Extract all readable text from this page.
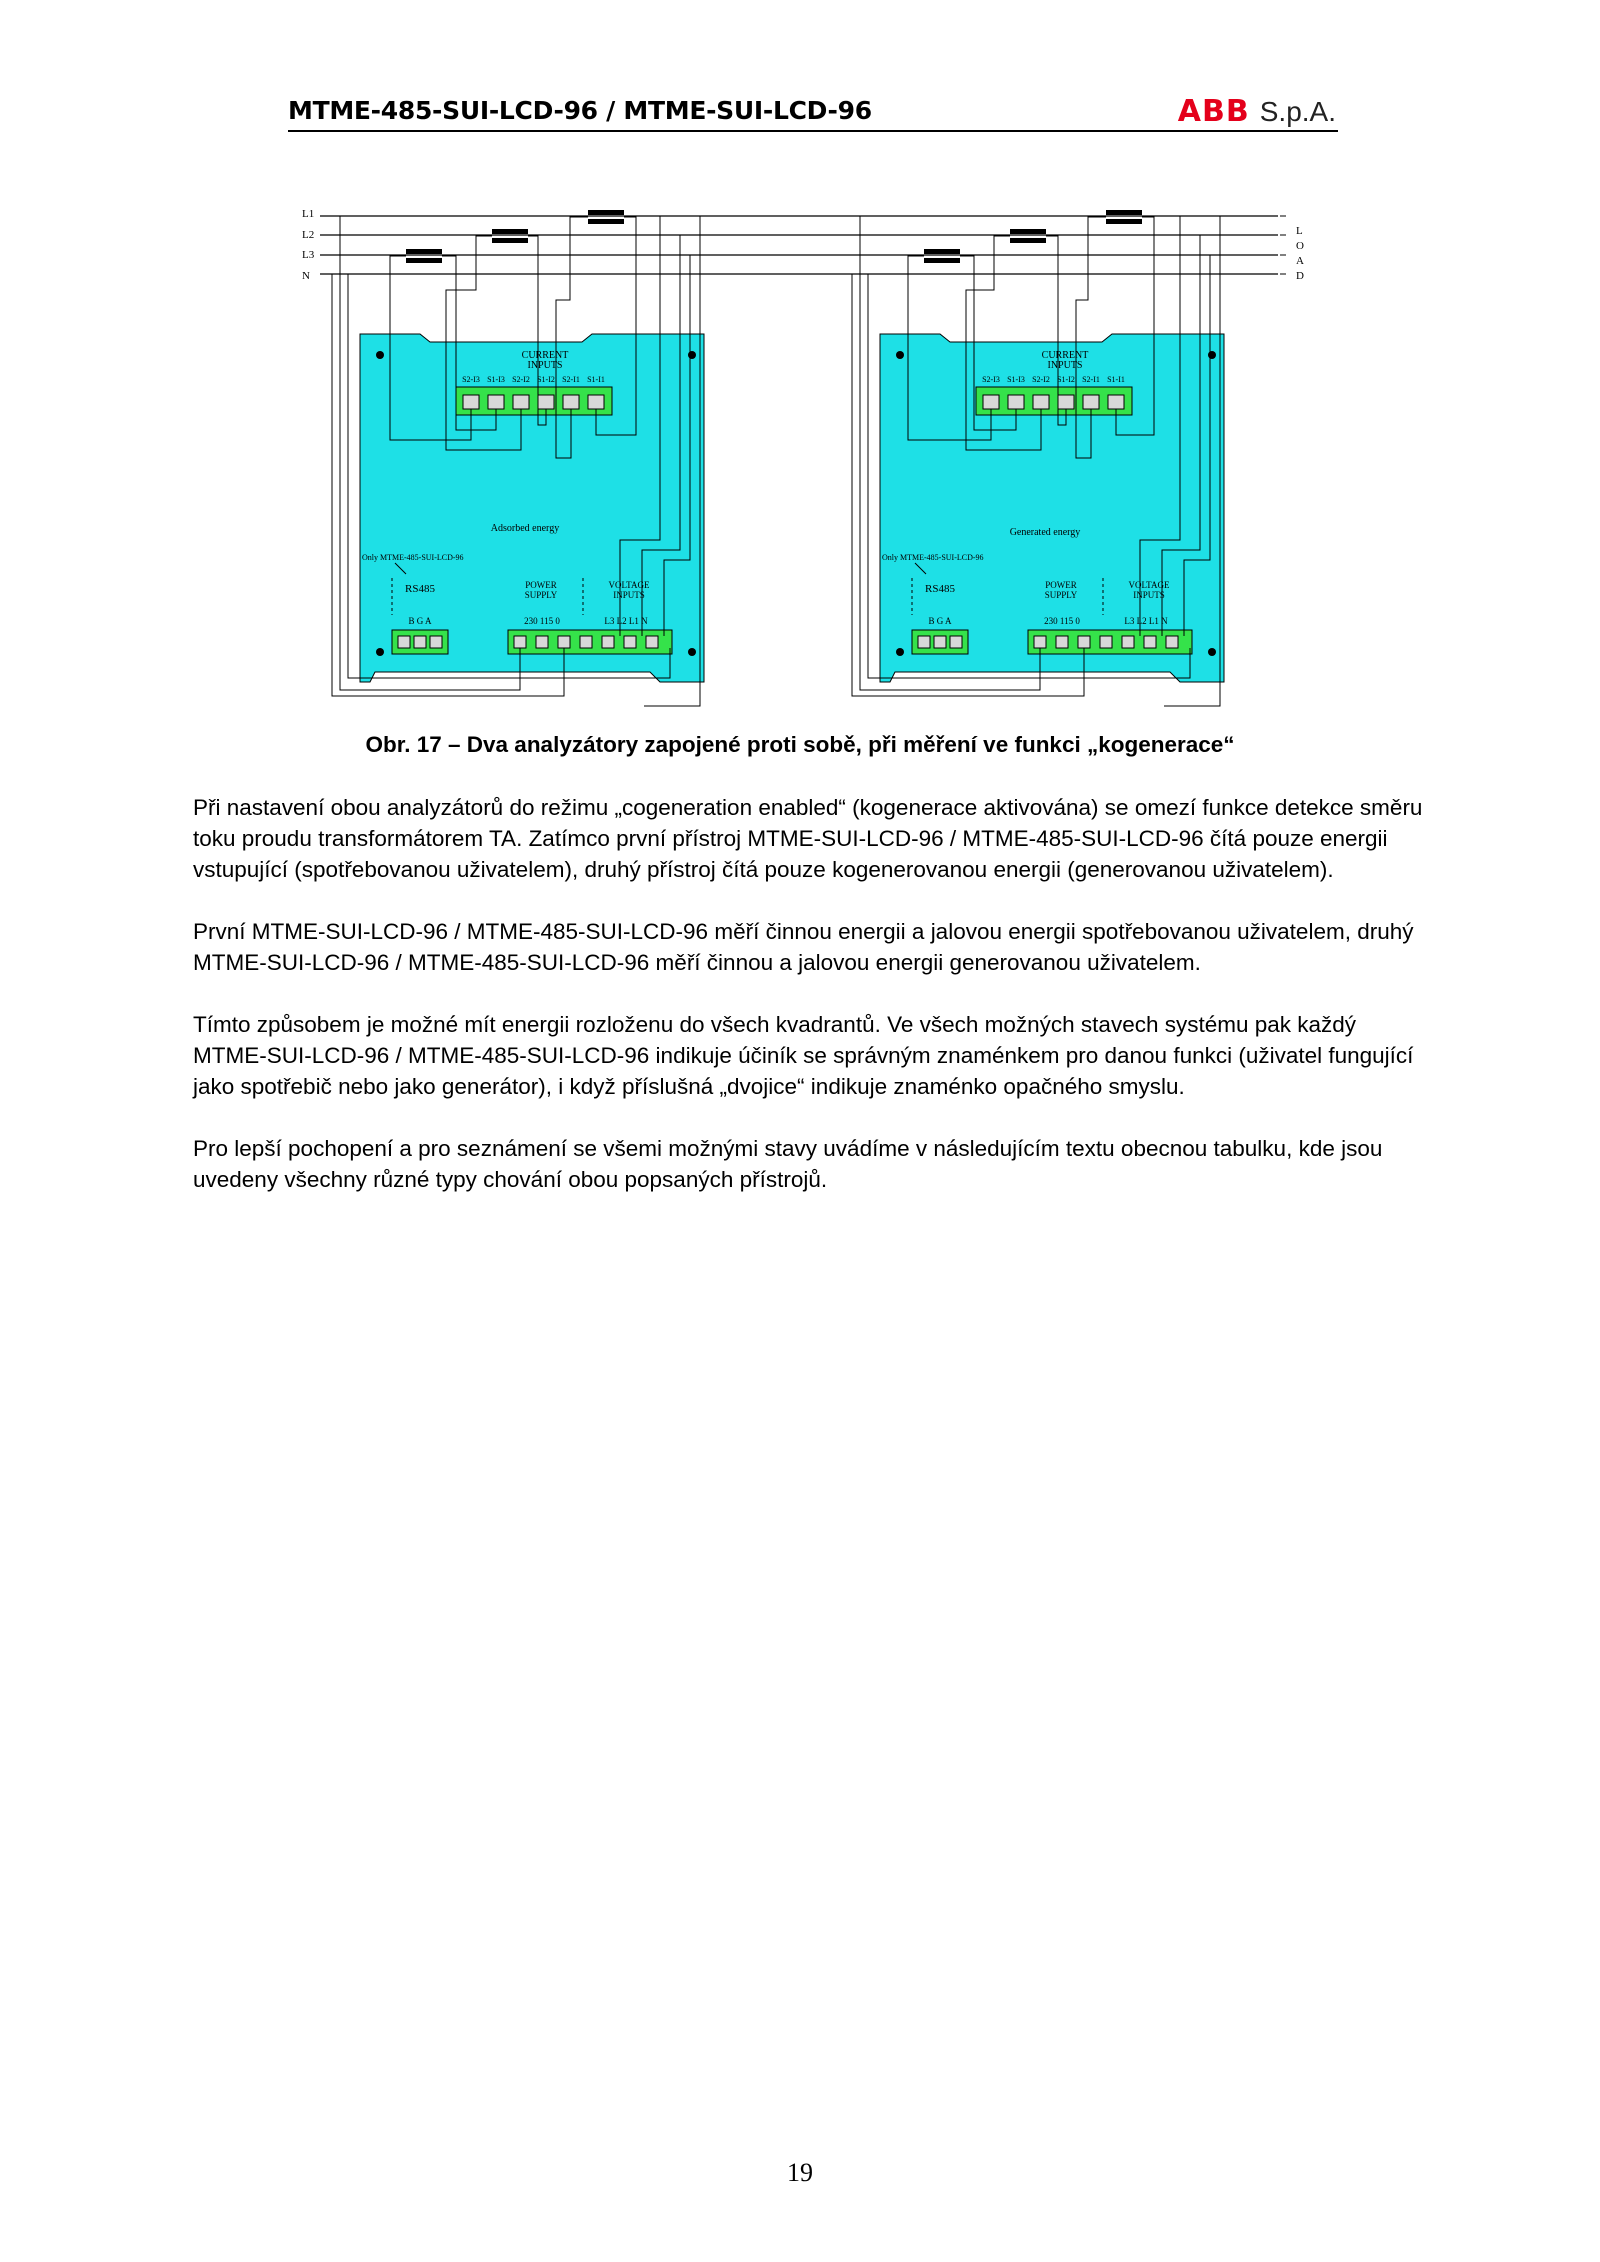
MTME-485-SUI-LCD-96 / MTME-SUI-LCD-96	ABB S.p.A.
L1
L2
L3
N
L
O
A
D
CURRENT
INPUTS
S2-I3 S1-I3 S2-I2 S1-I2 S2-I1 S1-I1
Adsorbed energy
Only MTME-485-SUI-LCD-96
RS485	POWER
SUPPLY
VOLTAGE
INPUTS
B G A	230 115 0	L3 L2 L1 N
CURRENT
INPUTS
S2-I3 S1-I3 S2-I2 S1-I2 S2-I1 S1-I1
Generated energy
Only MTME-485-SUI-LCD-96
RS485	POWER
SUPPLY
VOLTAGE
INPUTS
B G A	230 115 0	L3 L2 L1 N
Obr. 17 – Dva analyzátory zapojené proti sobě, při měření ve funkci „kogenerace“

Při nastavení obou analyzátorů do režimu „cogeneration enabled“ (kogenerace aktivována) se omezí funkce detekce směru toku proudu transformátorem TA. Zatímco první přístroj MTME-SUI-LCD-96 / MTME-485-SUI-LCD-96 čítá pouze energii vstupující (spotřebovanou uživatelem), druhý přístroj čítá pouze kogenerovanou energii (generovanou uživatelem).

První MTME-SUI-LCD-96 / MTME-485-SUI-LCD-96 měří činnou energii a jalovou energii spotřebovanou uživatelem, druhý MTME-SUI-LCD-96 / MTME-485-SUI-LCD-96 měří činnou a jalovou energii generovanou uživatelem.

Tímto způsobem je možné mít energii rozloženu do všech kvadrantů. Ve všech možných stavech systému pak každý MTME-SUI-LCD-96 / MTME-485-SUI-LCD-96 indikuje účiník se správným znaménkem pro danou funkci (uživatel fungující jako spotřebič nebo jako generátor), i když příslušná „dvojice“ indikuje znaménko opačného smyslu.

Pro lepší pochopení a pro seznámení se všemi možnými stavy uvádíme v následujícím textu obecnou tabulku, kde jsou uvedeny všechny různé typy chování obou popsaných přístrojů.

19
